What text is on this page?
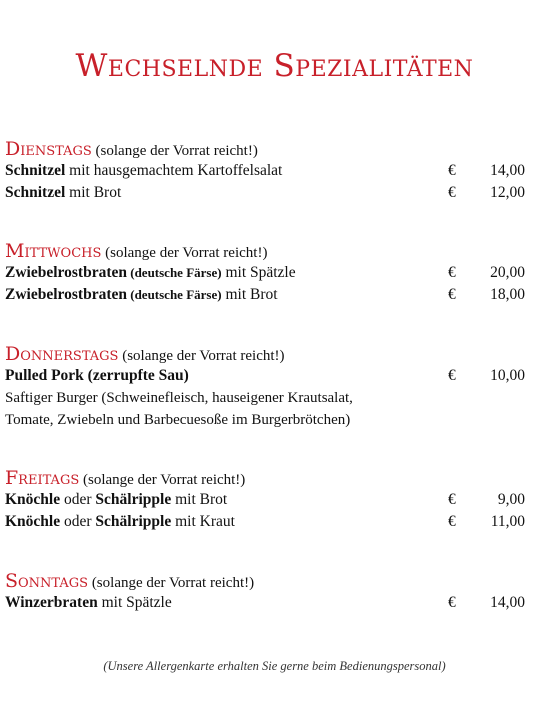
Wechselnde Spezialitäten
Dienstags (solange der Vorrat reicht!)
Schnitzel mit hausgemachtem Kartoffelsalat	€ 14,00
Schnitzel mit Brot	€ 12,00
Mittwochs (solange der Vorrat reicht!)
Zwiebelrostbraten (deutsche Färse) mit Spätzle	€ 20,00
Zwiebelrostbraten (deutsche Färse) mit Brot	€ 18,00
Donnerstags (solange der Vorrat reicht!)
Pulled Pork (zerrupfte Sau)	€ 10,00
Saftiger Burger (Schweinefleisch, hauseigener Krautsalat,
Tomate, Zwiebeln und Barbecuesoße im Burgerbrötchen)
Freitags (solange der Vorrat reicht!)
Knöchle oder Schälripple mit Brot	€	9,00
Knöchle oder Schälripple mit Kraut	€ 11,00
Sonntags (solange der Vorrat reicht!)
Winzerbraten mit Spätzle	€ 14,00
(Unsere Allergenkarte erhalten Sie gerne beim Bedienungspersonal)
